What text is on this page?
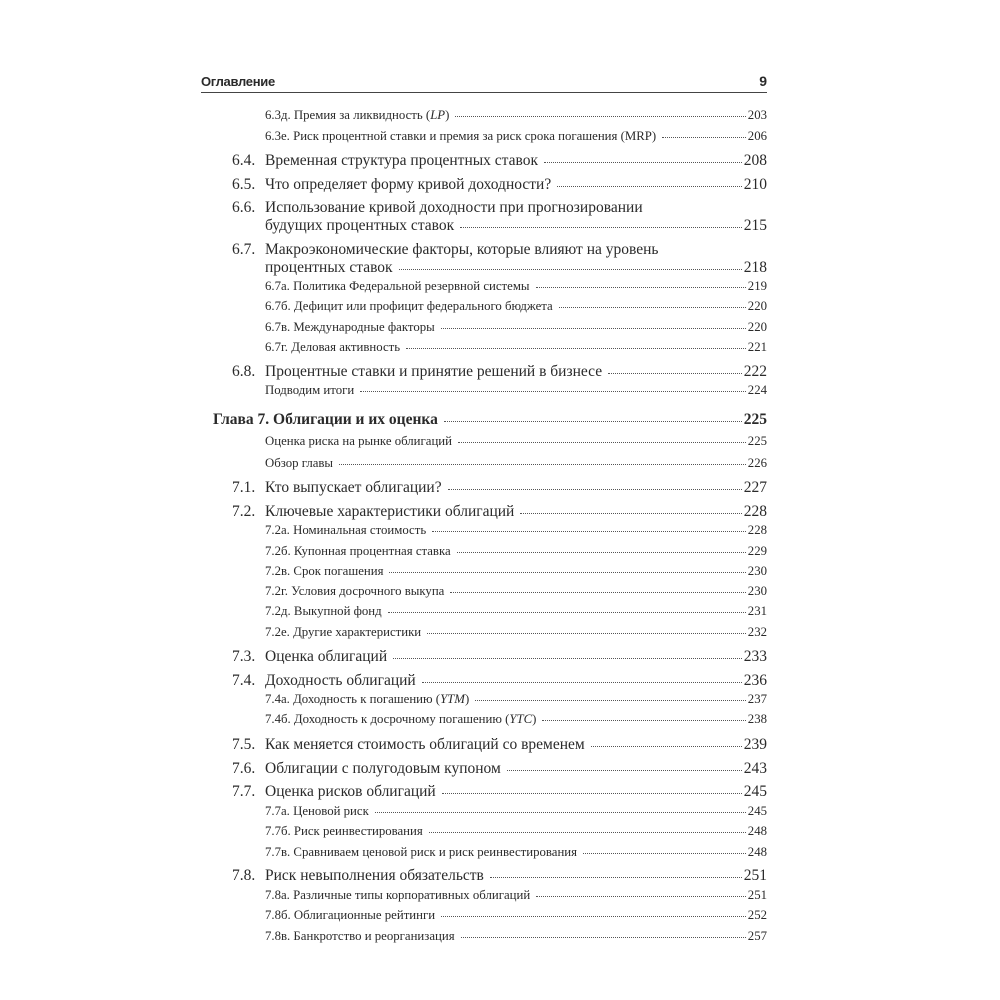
Оглавление	9
6.3д. Премия за ликвидность ( LP )	203
6.3е. Риск процентной ставки и премия за риск срока погашения (MRP)	206
6.4. Временная структура процентных ставок	208
6.5. Что определяет форму кривой доходности?	210
6.6. Использование кривой доходности при прогнозировании
будущих процентных ставок	215
6.7. Макроэкономические факторы, которые влияют на уровень
процентных ставок	218
6.7а. Политика Федеральной резервной системы	219
6.7б. Дефицит или профицит федерального бюджета	220
6.7в. Международные факторы	220
6.7г. Деловая активность	221
6.8. Процентные ставки и принятие решений в бизнесе	222
Подводим итоги	224
Глава 7. Облигации и их оценка	225
Оценка риска на рынке облигаций	225
Обзор главы	226
7.1. Кто выпускает облигации?	227
7.2. Ключевые характеристики облигаций	228
7.2а. Номинальная стоимость	228
7.2б. Купонная процентная ставка	229
7.2в. Срок погашения	230
7.2г. Условия досрочного выкупа	230
7.2д. Выкупной фонд	231
7.2е. Другие характеристики	232
7.3. Оценка облигаций	233
7.4. Доходность облигаций	236
7.4а. Доходность к погашению ( YTM )	237
7.4б. Доходность к досрочному погашению ( YTC )	238
7.5. Как меняется стоимость облигаций со временем	239
7.6. Облигации с полугодовым купоном	243
7.7. Оценка рисков облигаций	245
7.7а. Ценовой риск	245
7.7б. Риск реинвестирования	248
7.7в. Сравниваем ценовой риск и риск реинвестирования	248
7.8. Риск невыполнения обязательств	251
7.8а. Различные типы корпоративных облигаций	251
7.8б. Облигационные рейтинги	252
7.8в. Банкротство и реорганизация	257
